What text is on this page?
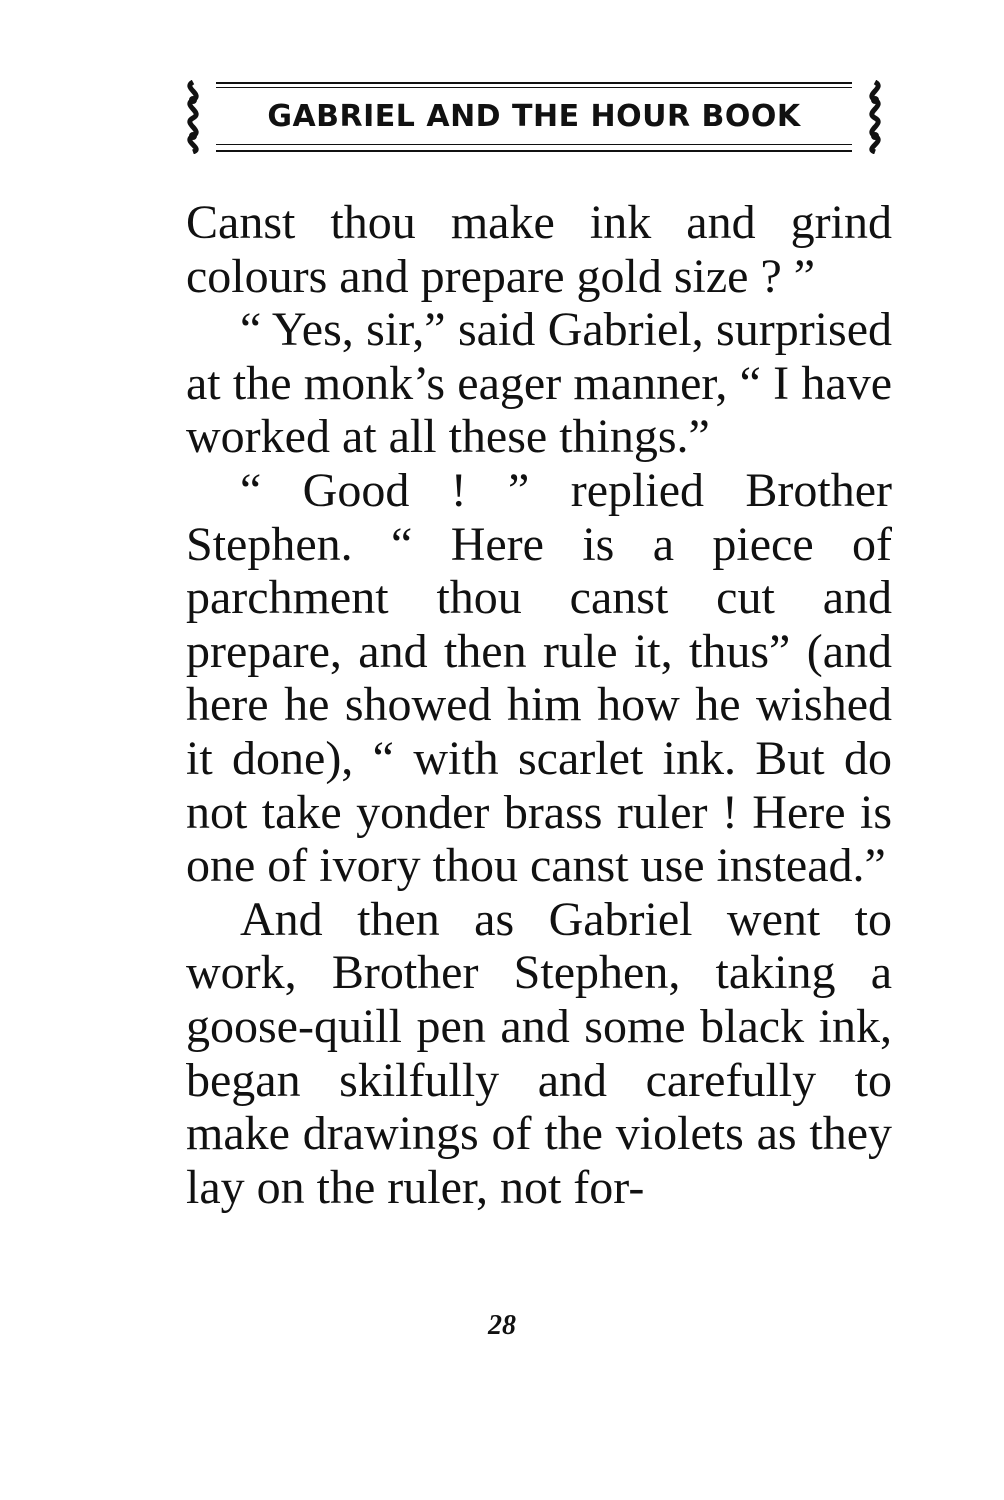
GABRIEL AND THE HOUR BOOK

Canst thou make ink and grind colours and prepare gold size ? ”

“ Yes, sir,” said Gabriel, surprised at the monk’s eager manner, “ I have worked at all these things.”

“ Good ! ” replied Brother Stephen. “ Here is a piece of parchment thou canst cut and prepare, and then rule it, thus” (and here he showed him how he wished it done), “ with scarlet ink. But do not take yonder brass ruler ! Here is one of ivory thou canst use instead.”

And then as Gabriel went to work, Brother Stephen, taking a goose-quill pen and some black ink, began skilfully and carefully to make drawings of the violets as they lay on the ruler, not for-

28
